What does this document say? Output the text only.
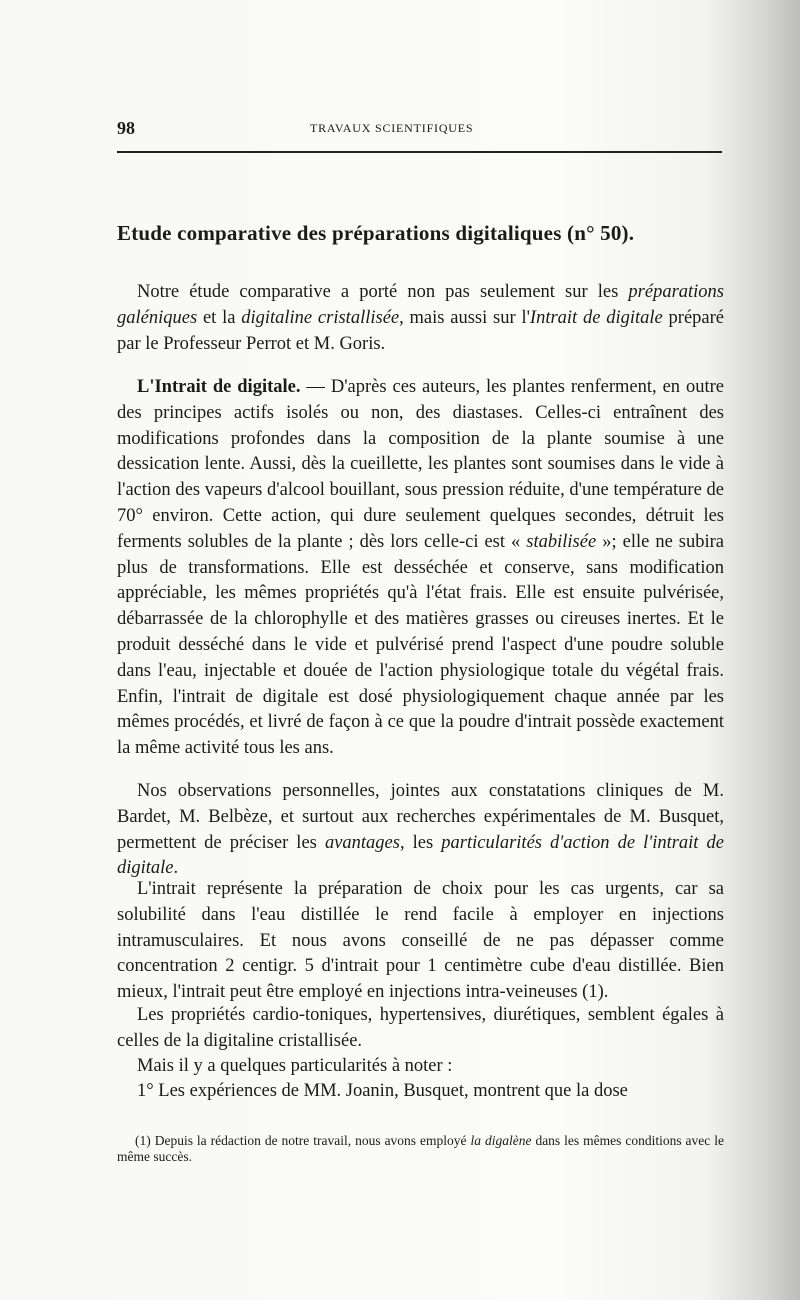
98	TRAVAUX SCIENTIFIQUES
Etude comparative des préparations digitaliques (n° 50).

Notre étude comparative a porté non pas seulement sur les préparations galéniques et la digitaline cristallisée, mais aussi sur l'Intrait de digitale préparé par le Professeur Perrot et M. Goris.

L'Intrait de digitale. — D'après ces auteurs, les plantes renferment, en outre des principes actifs isolés ou non, des diastases. Celles-ci entraînent des modifications profondes dans la composition de la plante soumise à une dessication lente. Aussi, dès la cueillette, les plantes sont soumises dans le vide à l'action des vapeurs d'alcool bouillant, sous pression réduite, d'une température de 70° environ. Cette action, qui dure seulement quelques secondes, détruit les ferments solubles de la plante ; dès lors celle-ci est « stabilisée »; elle ne subira plus de transformations. Elle est desséchée et conserve, sans modification appréciable, les mêmes propriétés qu'à l'état frais. Elle est ensuite pulvérisée, débarrassée de la chlorophylle et des matières grasses ou cireuses inertes. Et le produit desséché dans le vide et pulvérisé prend l'aspect d'une poudre soluble dans l'eau, injectable et douée de l'action physiologique totale du végétal frais. Enfin, l'intrait de digitale est dosé physiologiquement chaque année par les mêmes procédés, et livré de façon à ce que la poudre d'intrait possède exactement la même activité tous les ans.

Nos observations personnelles, jointes aux constatations cliniques de M. Bardet, M. Belbèze, et surtout aux recherches expérimentales de M. Busquet, permettent de préciser les avantages, les particularités d'action de l'intrait de digitale.

L'intrait représente la préparation de choix pour les cas urgents, car sa solubilité dans l'eau distillée le rend facile à employer en injections intramusculaires. Et nous avons conseillé de ne pas dépasser comme concentration 2 centigr. 5 d'intrait pour 1 centimètre cube d'eau distillée. Bien mieux, l'intrait peut être employé en injections intra-veineuses (1).

Les propriétés cardio-toniques, hypertensives, diurétiques, semblent égales à celles de la digitaline cristallisée.

Mais il y a quelques particularités à noter :

1° Les expériences de MM. Joanin, Busquet, montrent que la dose

(1) Depuis la rédaction de notre travail, nous avons employé la digalène dans les mêmes conditions avec le même succès.
